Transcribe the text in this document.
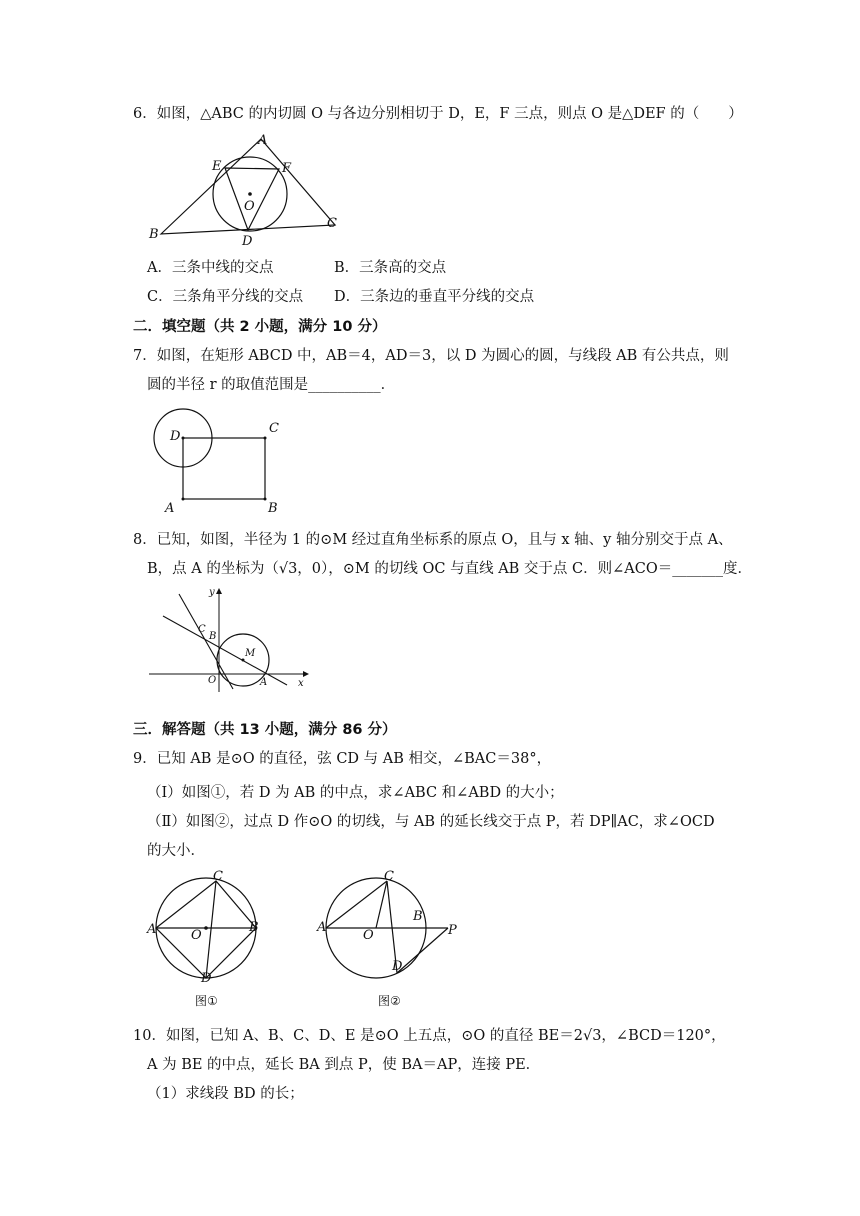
6．如图，△ABC 的内切圆 O 与各边分别相切于 D，E，F 三点，则点 O 是△DEF 的（　　）
A
E	F
O
B	D
C
A．三条中线的交点	B．三条高的交点
C．三条角平分线的交点 D．三条边的垂直平分线的交点
二．填空题（共 2 小题，满分 10 分）
7．如图，在矩形 ABCD 中，AB＝4，AD＝3，以 D 为圆心的圆，与线段 AB 有公共点，则
圆的半径 r 的取值范围是__________．
D
C
A	B
8．已知，如图，半径为 1 的⊙M 经过直角坐标系的原点 O，且与 x 轴、y 轴分别交于点 A、
B，点 A 的坐标为（√3，0），⊙M 的切线 OC 与直线 AB 交于点 C．则∠ACO＝_______度．
y
x
C
B
M
O	A
三．解答题（共 13 小题，满分 86 分）
9．已知 AB 是⊙O 的直径，弦 CD 与 AB 相交，∠BAC＝38°，
（Ⅰ）如图①，若 D 为 AB 的中点，求∠ABC 和∠ABD 的大小；
（Ⅱ）如图②，过点 D 作⊙O 的切线，与 AB 的延长线交于点 P，若 DP∥AC，求∠OCD
的大小．
C
A	O
B
D
图①
C
A
O
B
P
D
图②
10．如图，已知 A、B、C、D、E 是⊙O 上五点，⊙O 的直径 BE＝2√3，∠BCD＝120°，
A 为 BE 的中点，延长 BA 到点 P，使 BA＝AP，连接 PE．
（1）求线段 BD 的长；
